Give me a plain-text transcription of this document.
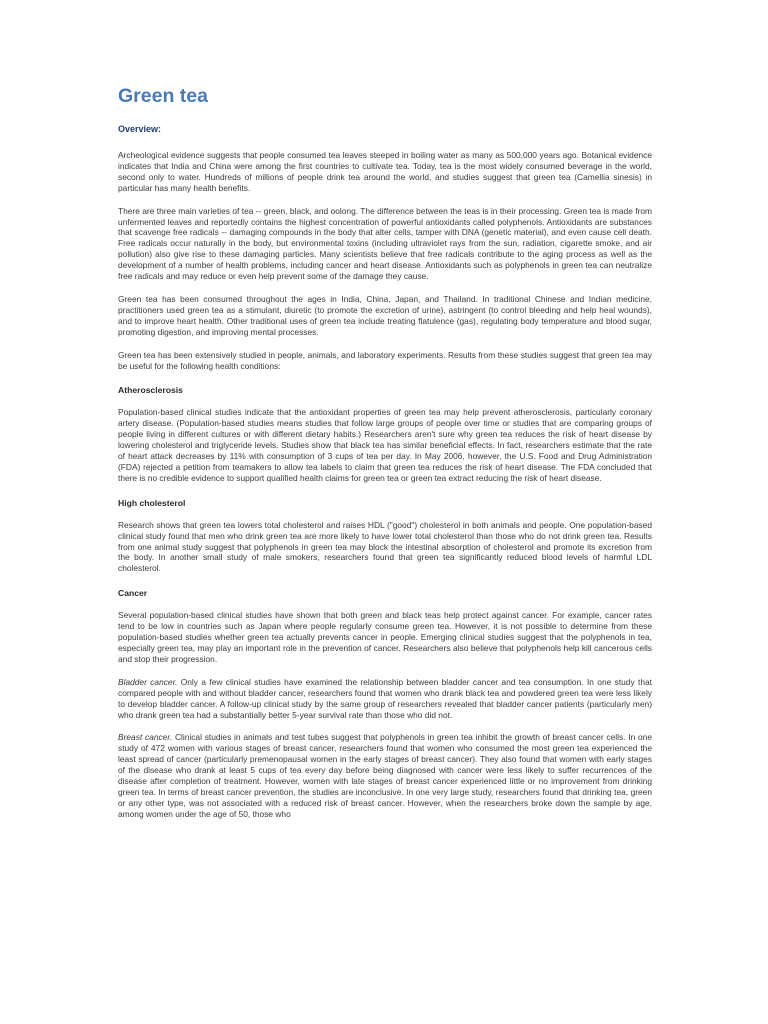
Green tea
Overview:

Archeological evidence suggests that people consumed tea leaves steeped in boiling water as many as 500,000 years ago. Botanical evidence indicates that India and China were among the first countries to cultivate tea. Today, tea is the most widely consumed beverage in the world, second only to water. Hundreds of millions of people drink tea around the world, and studies suggest that green tea (Camellia sinesis) in particular has many health benefits.

There are three main varieties of tea -- green, black, and oolong. The difference between the teas is in their processing. Green tea is made from unfermented leaves and reportedly contains the highest concentration of powerful antioxidants called polyphenols. Antioxidants are substances that scavenge free radicals -- damaging compounds in the body that alter cells, tamper with DNA (genetic material), and even cause cell death. Free radicals occur naturally in the body, but environmental toxins (including ultraviolet rays from the sun, radiation, cigarette smoke, and air pollution) also give rise to these damaging particles. Many scientists believe that free radicals contribute to the aging process as well as the development of a number of health problems, including cancer and heart disease. Antioxidants such as polyphenols in green tea can neutralize free radicals and may reduce or even help prevent some of the damage they cause.

Green tea has been consumed throughout the ages in India, China, Japan, and Thailand. In traditional Chinese and Indian medicine, practitioners used green tea as a stimulant, diuretic (to promote the excretion of urine), astringent (to control bleeding and help heal wounds), and to improve heart health. Other traditional uses of green tea include treating flatulence (gas), regulating body temperature and blood sugar, promoting digestion, and improving mental processes.

Green tea has been extensively studied in people, animals, and laboratory experiments. Results from these studies suggest that green tea may be useful for the following health conditions:

Atherosclerosis

Population-based clinical studies indicate that the antioxidant properties of green tea may help prevent atherosclerosis, particularly coronary artery disease. (Population-based studies means studies that follow large groups of people over time or studies that are comparing groups of people living in different cultures or with different dietary habits.) Researchers aren't sure why green tea reduces the risk of heart disease by lowering cholesterol and triglyceride levels. Studies show that black tea has similar beneficial effects. In fact, researchers estimate that the rate of heart attack decreases by 11% with consumption of 3 cups of tea per day. In May 2006, however, the U.S. Food and Drug Administration (FDA) rejected a petition from teamakers to allow tea labels to claim that green tea reduces the risk of heart disease. The FDA concluded that there is no credible evidence to support qualified health claims for green tea or green tea extract reducing the risk of heart disease.

High cholesterol

Research shows that green tea lowers total cholesterol and raises HDL ("good") cholesterol in both animals and people. One population-based clinical study found that men who drink green tea are more likely to have lower total cholesterol than those who do not drink green tea. Results from one animal study suggest that polyphenols in green tea may block the intestinal absorption of cholesterol and promote its excretion from the body. In another small study of male smokers, researchers found that green tea significantly reduced blood levels of harmful LDL cholesterol.

Cancer

Several population-based clinical studies have shown that both green and black teas help protect against cancer. For example, cancer rates tend to be low in countries such as Japan where people regularly consume green tea. However, it is not possible to determine from these population-based studies whether green tea actually prevents cancer in people. Emerging clinical studies suggest that the polyphenols in tea, especially green tea, may play an important role in the prevention of cancer. Researchers also believe that polyphenols help kill cancerous cells and stop their progression.

Bladder cancer. Only a few clinical studies have examined the relationship between bladder cancer and tea consumption. In one study that compared people with and without bladder cancer, researchers found that women who drank black tea and powdered green tea were less likely to develop bladder cancer. A follow-up clinical study by the same group of researchers revealed that bladder cancer patients (particularly men) who drank green tea had a substantially better 5-year survival rate than those who did not.

Breast cancer. Clinical studies in animals and test tubes suggest that polyphenols in green tea inhibit the growth of breast cancer cells. In one study of 472 women with various stages of breast cancer, researchers found that women who consumed the most green tea experienced the least spread of cancer (particularly premenopausal women in the early stages of breast cancer). They also found that women with early stages of the disease who drank at least 5 cups of tea every day before being diagnosed with cancer were less likely to suffer recurrences of the disease after completion of treatment. However, women with late stages of breast cancer experienced little or no improvement from drinking green tea. In terms of breast cancer prevention, the studies are inconclusive. In one very large study, researchers found that drinking tea, green or any other type, was not associated with a reduced risk of breast cancer. However, when the researchers broke down the sample by age, among women under the age of 50, those who
